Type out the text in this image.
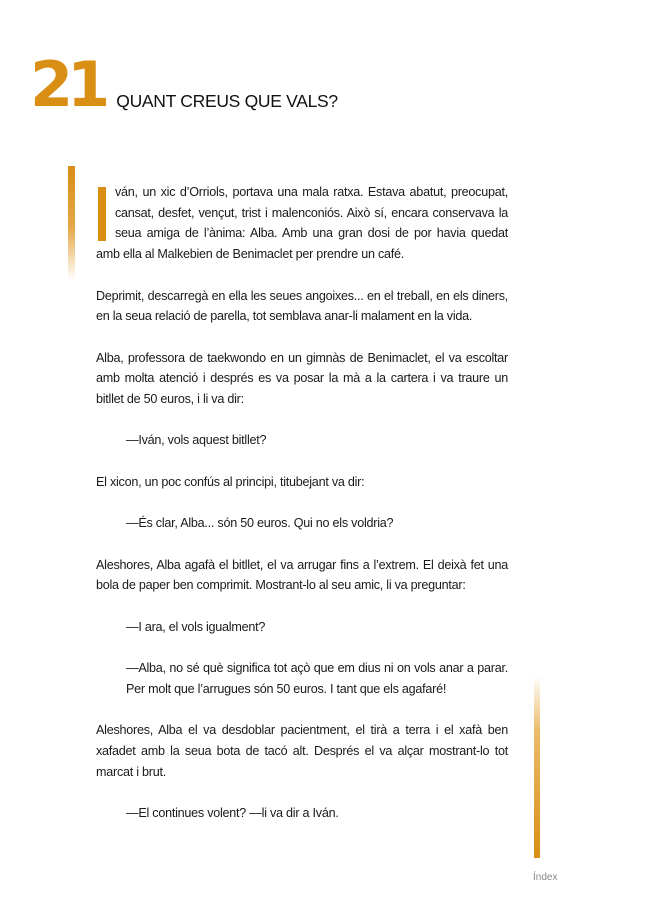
21 QUANT CREUS QUE VALS?

ván, un xic d’Orriols, portava una mala ratxa. Estava abatut, preocupat, cansat, desfet, vençut, trist i malenconiós. Això sí, encara conservava la seua amiga de l’ànima: Alba. Amb una gran dosi de por havia quedat amb ella al Malkebien de Benimaclet per prendre un café.

Deprimit, descarregà en ella les seues angoixes... en el treball, en els diners, en la seua relació de parella, tot semblava anar-li malament en la vida.

Alba, professora de taekwondo en un gimnàs de Benimaclet, el va escoltar amb molta atenció i després es va posar la mà a la cartera i va traure un bitllet de 50 euros, i li va dir:

—Iván, vols aquest bitllet?

El xicon, un poc confús al principi, titubejant va dir:

—És clar, Alba... són 50 euros. Qui no els voldria?

Aleshores, Alba agafà el bitllet, el va arrugar fins a l’extrem. El deixà fet una bola de paper ben comprimit. Mostrant-lo al seu amic, li va preguntar:

—I ara, el vols igualment?

—Alba, no sé què significa tot açò que em dius ni on vols anar a parar. Per molt que l’arrugues són 50 euros. I tant que els agafaré!

Aleshores, Alba el va desdoblar pacientment, el tirà a terra i el xafà ben xafadet amb la seua bota de tacó alt. Després el va alçar mostrant-lo tot marcat i brut.

—El continues volent? —li va dir a Iván.

Índex
